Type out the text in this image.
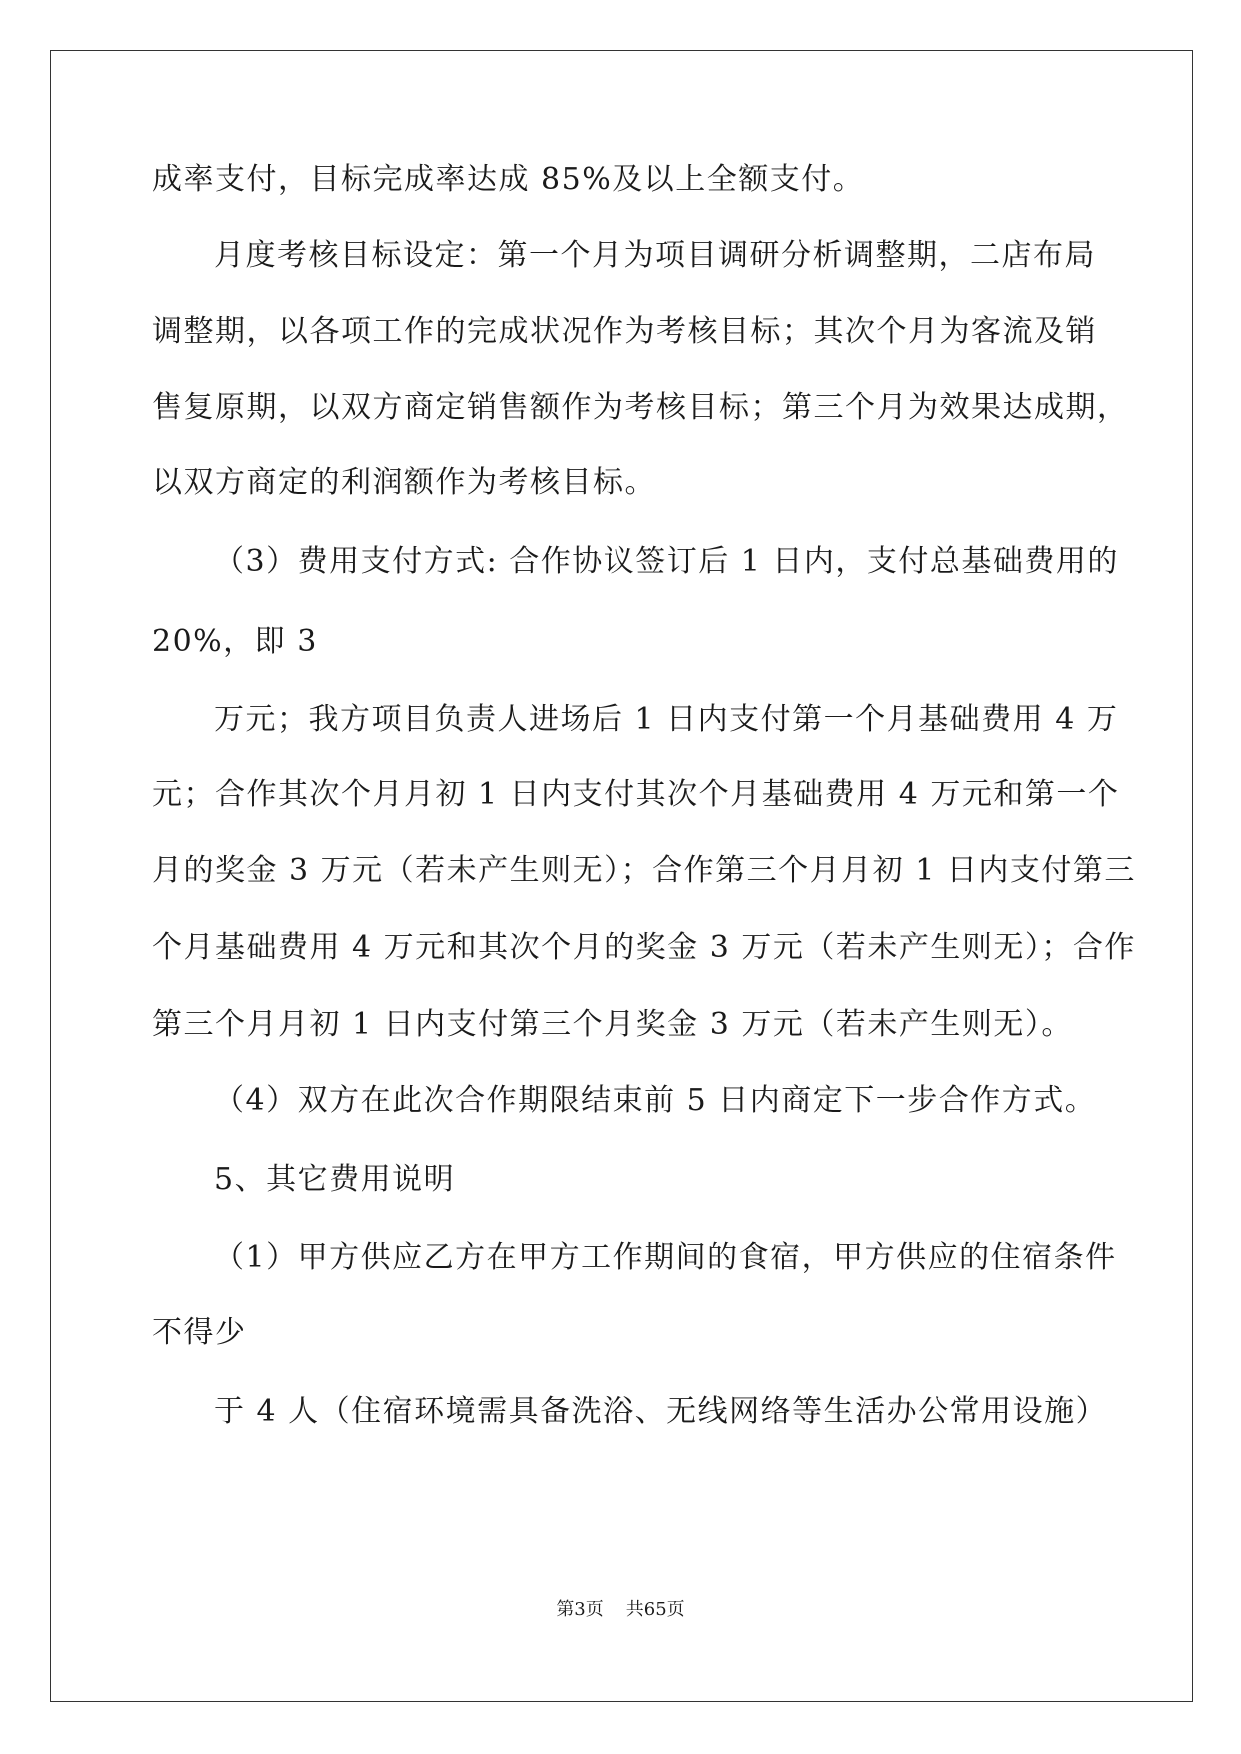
成率支付，目标完成率达成 85%及以上全额支付。
月度考核目标设定：第一个月为项目调研分析调整期，二店布局
调整期，以各项工作的完成状况作为考核目标；其次个月为客流及销
售复原期，以双方商定销售额作为考核目标；第三个月为效果达成期，
以双方商定的利润额作为考核目标。
（3）费用支付方式: 合作协议签订后 1 日内，支付总基础费用的
20%，即 3
万元；我方项目负责人进场后 1 日内支付第一个月基础费用 4 万
元；合作其次个月月初 1 日内支付其次个月基础费用 4 万元和第一个
月的奖金 3 万元（若未产生则无）；合作第三个月月初 1 日内支付第三
个月基础费用 4 万元和其次个月的奖金 3 万元（若未产生则无）；合作
第三个月月初 1 日内支付第三个月奖金 3 万元（若未产生则无）。
（4）双方在此次合作期限结束前 5 日内商定下一步合作方式。
5、其它费用说明
（1）甲方供应乙方在甲方工作期间的食宿，甲方供应的住宿条件
不得少
于 4 人（住宿环境需具备洗浴、无线网络等生活办公常用设施）
第3页 共65页
